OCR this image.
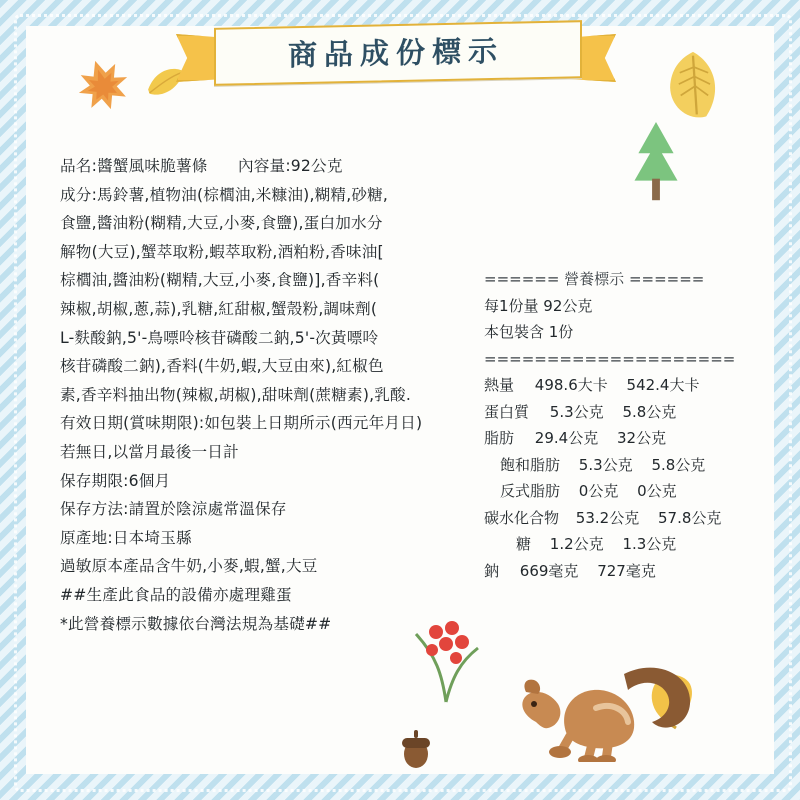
商品成份標示
品名:醬蟹風味脆薯條 內容量:92公克
成分:馬鈴薯,植物油(棕櫚油,米糠油),糊精,砂糖,
食鹽,醬油粉(糊精,大豆,小麥,食鹽),蛋白加水分
解物(大豆),蟹萃取粉,蝦萃取粉,酒粕粉,香味油[
棕櫚油,醬油粉(糊精,大豆,小麥,食鹽)],香辛料(
辣椒,胡椒,蔥,蒜),乳糖,紅甜椒,蟹殼粉,調味劑(
L-麩酸鈉,5'-鳥嘌呤核苷磷酸二鈉,5'-次黃嘌呤
核苷磷酸二鈉),香料(牛奶,蝦,大豆由來),紅椒色
素,香辛料抽出物(辣椒,胡椒),甜味劑(蔗糖素),乳酸.
有效日期(賞味期限):如包裝上日期所示(西元年月日)
若無日,以當月最後一日計
保存期限:6個月
保存方法:請置於陰涼處常溫保存
原產地:日本埼玉縣
過敏原本產品含牛奶,小麥,蝦,蟹,大豆
##生產此食品的設備亦處理雞蛋
*此營養標示數據依台灣法規為基礎##
====== 營養標示 ======
每1份量 92公克
本包裝含 1份
====================
熱量 498.6大卡 542.4大卡
蛋白質 5.3公克 5.8公克
脂肪 29.4公克 32公克
飽和脂肪 5.3公克 5.8公克
反式脂肪 0公克 0公克
碳水化合物 53.2公克 57.8公克
糖 1.2公克 1.3公克
鈉 669毫克 727毫克
